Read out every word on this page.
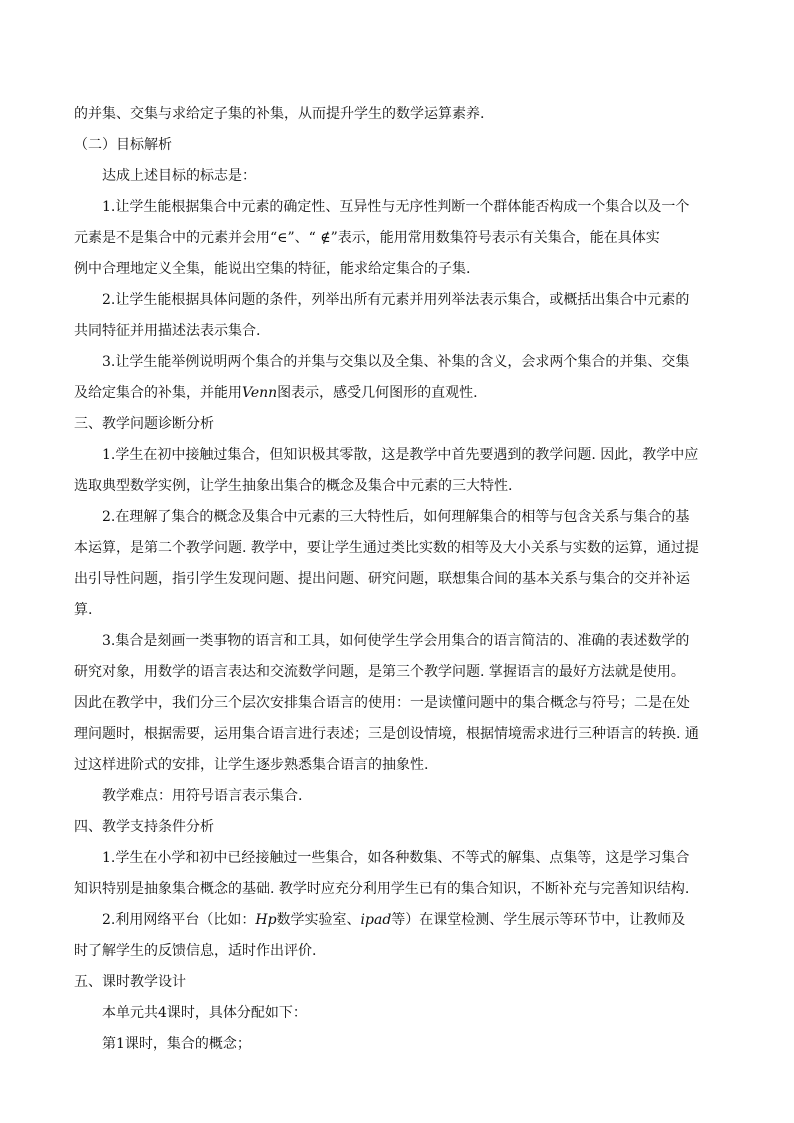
的并集、交集与求给定子集的补集，从而提升学生的数学运算素养.
（二）目标解析
达成上述目标的标志是：
1.让学生能根据集合中元素的确定性、互异性与无序性判断一个群体能否构成一个集合以及一个
元素是不是集合中的元素并会用“∈”、“ ∉”表示，能用常用数集符号表示有关集合，能在具体实
例中合理地定义全集，能说出空集的特征，能求给定集合的子集.
2.让学生能根据具体问题的条件，列举出所有元素并用列举法表示集合，或概括出集合中元素的
共同特征并用描述法表示集合.
3.让学生能举例说明两个集合的并集与交集以及全集、补集的含义，会求两个集合的并集、交集
及给定集合的补集，并能用Venn图表示，感受几何图形的直观性.
三、教学问题诊断分析
1.学生在初中接触过集合，但知识极其零散，这是教学中首先要遇到的教学问题. 因此，教学中应
选取典型数学实例，让学生抽象出集合的概念及集合中元素的三大特性.
2.在理解了集合的概念及集合中元素的三大特性后，如何理解集合的相等与包含关系与集合的基
本运算，是第二个教学问题. 教学中，要让学生通过类比实数的相等及大小关系与实数的运算，通过提
出引导性问题，指引学生发现问题、提出问题、研究问题，联想集合间的基本关系与集合的交并补运
算.
3.集合是刻画一类事物的语言和工具，如何使学生学会用集合的语言简洁的、准确的表述数学的
研究对象，用数学的语言表达和交流数学问题，是第三个教学问题. 掌握语言的最好方法就是使用。
因此在教学中，我们分三个层次安排集合语言的使用：一是读懂问题中的集合概念与符号；二是在处
理问题时，根据需要，运用集合语言进行表述；三是创设情境，根据情境需求进行三种语言的转换. 通
过这样进阶式的安排，让学生逐步熟悉集合语言的抽象性.
教学难点：用符号语言表示集合.
四、教学支持条件分析
1.学生在小学和初中已经接触过一些集合，如各种数集、不等式的解集、点集等，这是学习集合
知识特别是抽象集合概念的基础. 教学时应充分利用学生已有的集合知识，不断补充与完善知识结构.
2.利用网络平台（比如：Hp数学实验室、ipad等）在课堂检测、学生展示等环节中，让教师及
时了解学生的反馈信息，适时作出评价.
五、课时教学设计
本单元共4课时，具体分配如下：
第1课时，集合的概念；
